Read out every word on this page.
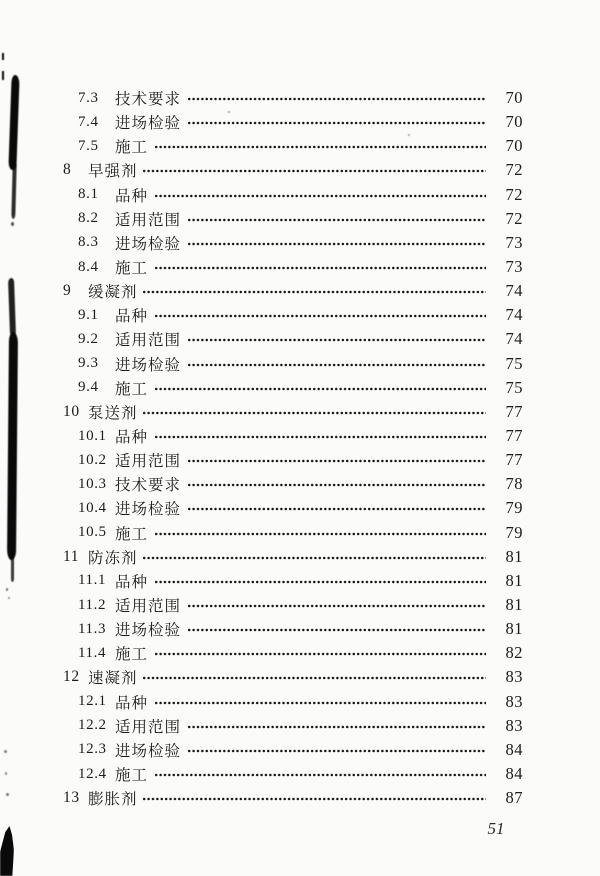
7.3	技术要求	70
7.4	进场检验	70
7.5	施工	70
8	早强剂	72
8.1	品种	72
8.2	适用范围	72
8.3	进场检验	73
8.4	施工	73
9	缓凝剂	74
9.1	品种	74
9.2	适用范围	74
9.3	进场检验	75
9.4	施工	75
10 泵送剂	77
10.1 品种	77
10.2 适用范围	77
10.3 技术要求	78
10.4 进场检验	79
10.5 施工	79
11 防冻剂	81
11.1 品种	81
11.2 适用范围	81
11.3 进场检验	81
11.4 施工	82
12 速凝剂	83
12.1 品种	83
12.2 适用范围	83
12.3 进场检验	84
12.4 施工	84
13 膨胀剂	87
51
